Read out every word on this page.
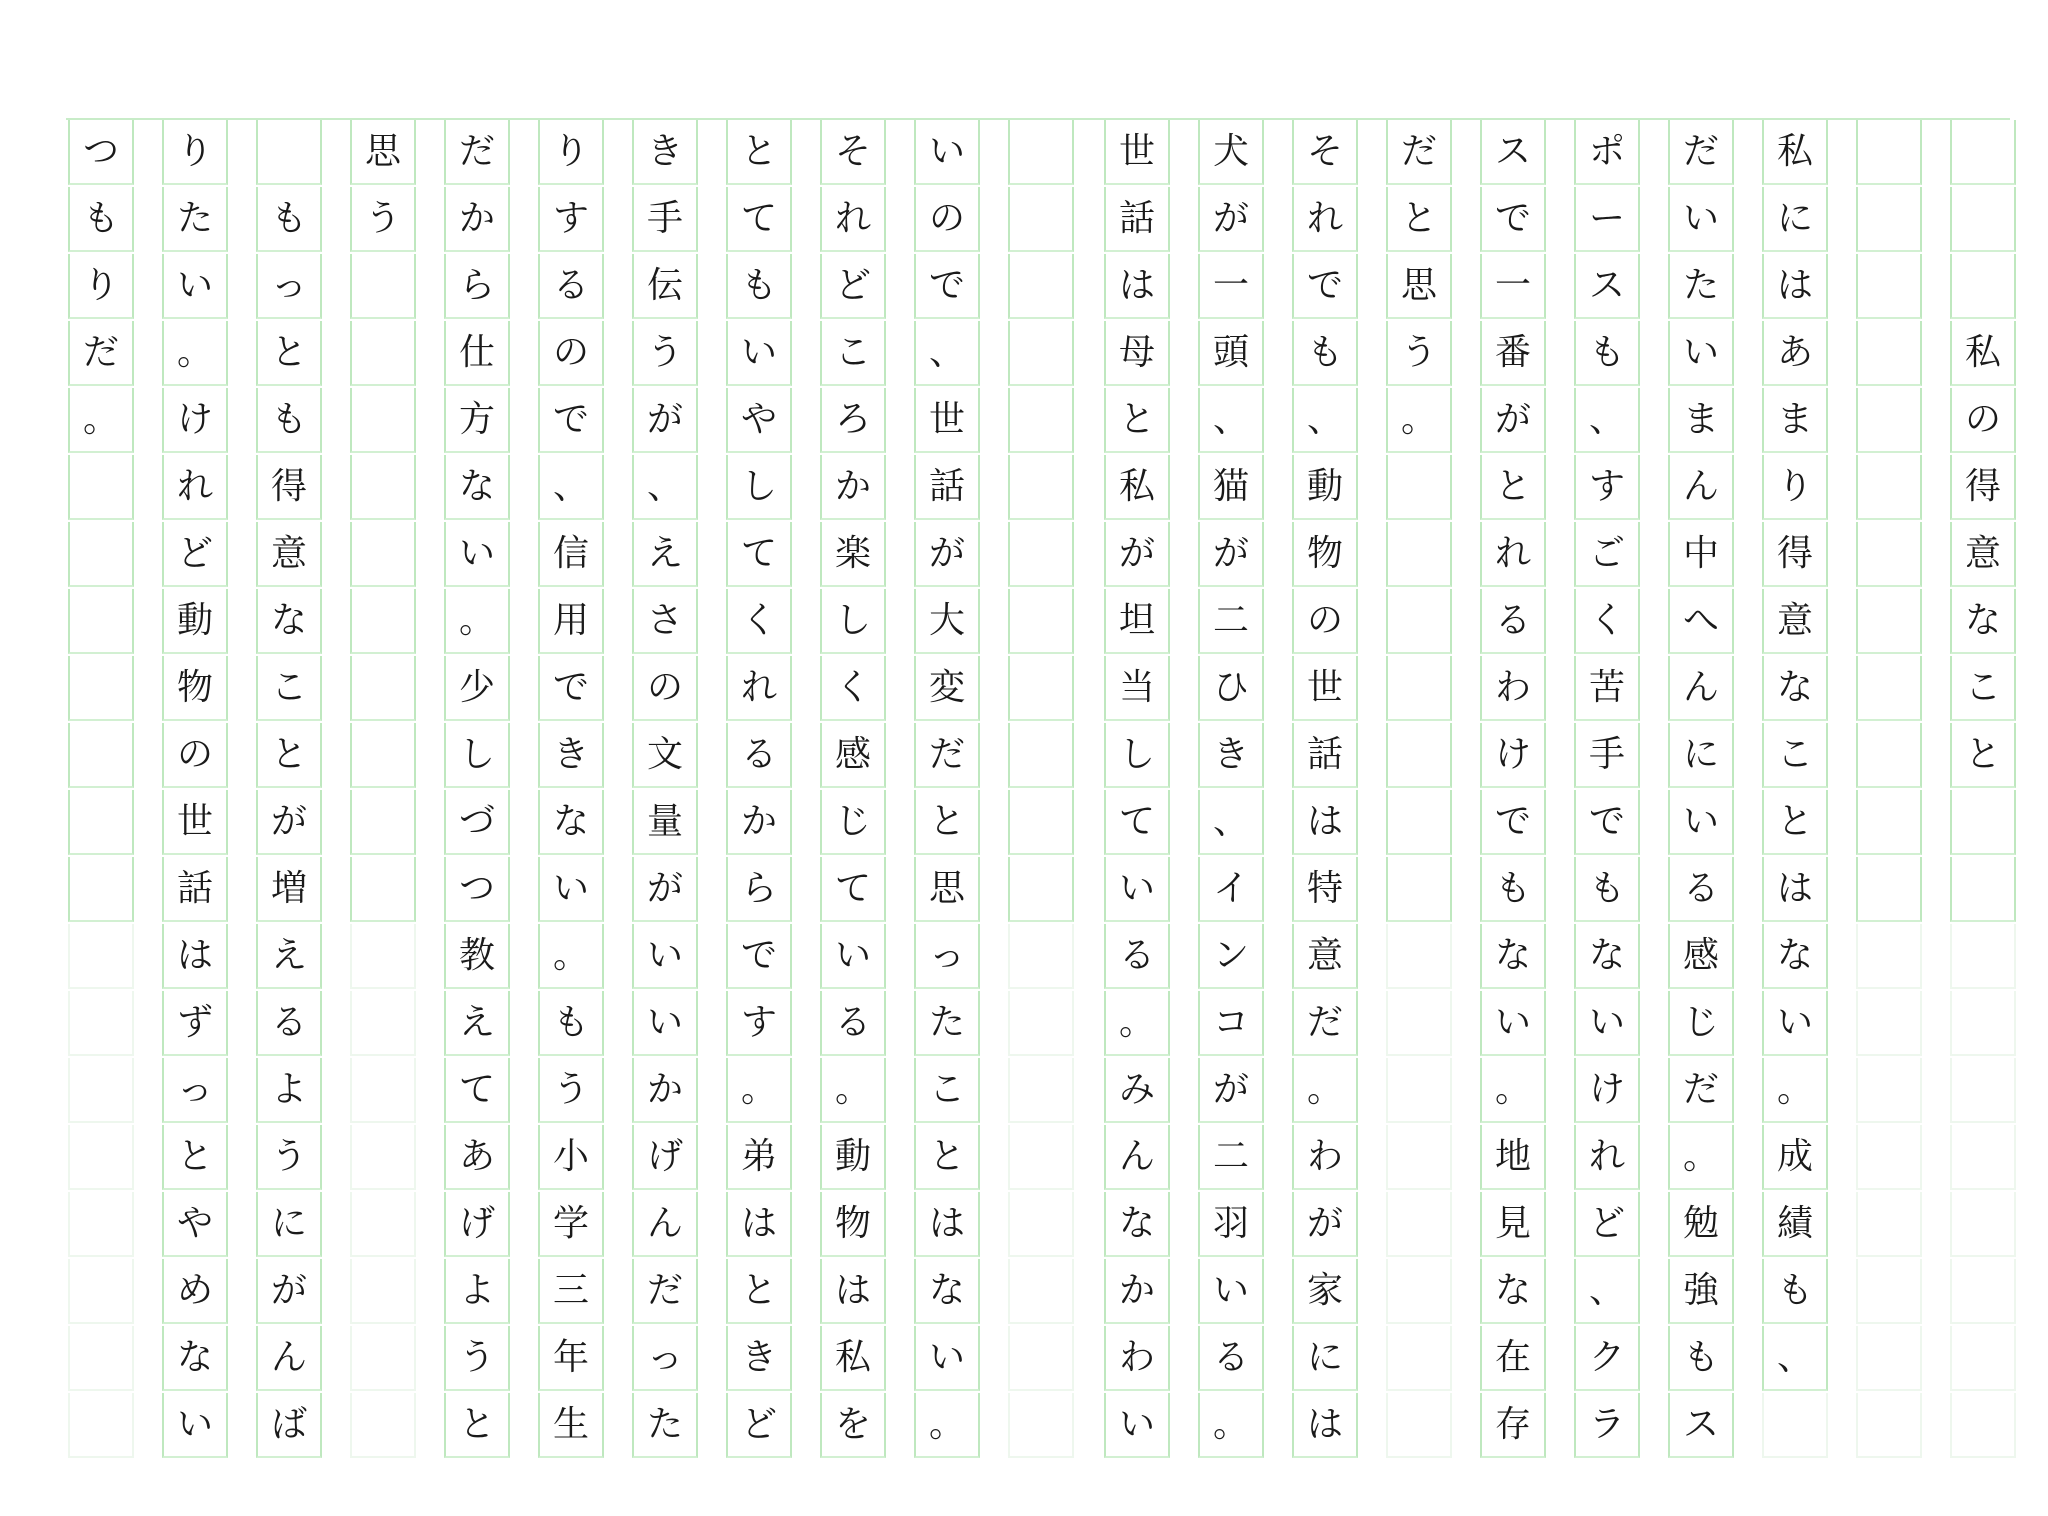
私
の
得
意
な
こ
と
私
に
は
あ
ま
り
得
意
な
こ
と
は
な
い
。
成
績
も
、
だ
い
た
い
ま
ん
中
へ
ん
に
い
る
感
じ
だ
。
勉
強
も
ス
ポ
ー
ス
も
、
す
ご
く
苦
手
で
も
な
い
け
れ
ど
、
ク
ラ
ス
で
一
番
が
と
れ
る
わ
け
で
も
な
い
。
地
見
な
在
存
だ
と
思
う
。
そ
れ
で
も
、
動
物
の
世
話
は
特
意
だ
。
わ
が
家
に
は
犬
が
一
頭
、
猫
が
二
ひ
き
、
イ
ン
コ
が
二
羽
い
る
。
世
話
は
母
と
私
が
坦
当
し
て
い
る
。
み
ん
な
か
わ
い
い
の
で
、
世
話
が
大
変
だ
と
思
っ
た
こ
と
は
な
い
。
そ
れ
ど
こ
ろ
か
楽
し
く
感
じ
て
い
る
。
動
物
は
私
を
と
て
も
い
や
し
て
く
れ
る
か
ら
で
す
。
弟
は
と
き
ど
き
手
伝
う
が
、
え
さ
の
文
量
が
い
い
か
げ
ん
だ
っ
た
り
す
る
の
で
、
信
用
で
き
な
い
。
も
う
小
学
三
年
生
だ
か
ら
仕
方
な
い
。
少
し
づ
つ
教
え
て
あ
げ
よ
う
と
思
う
も
っ
と
も
得
意
な
こ
と
が
増
え
る
よ
う
に
が
ん
ば
り
た
い
。
け
れ
ど
動
物
の
世
話
は
ず
っ
と
や
め
な
い
つ
も
り
だ
。
